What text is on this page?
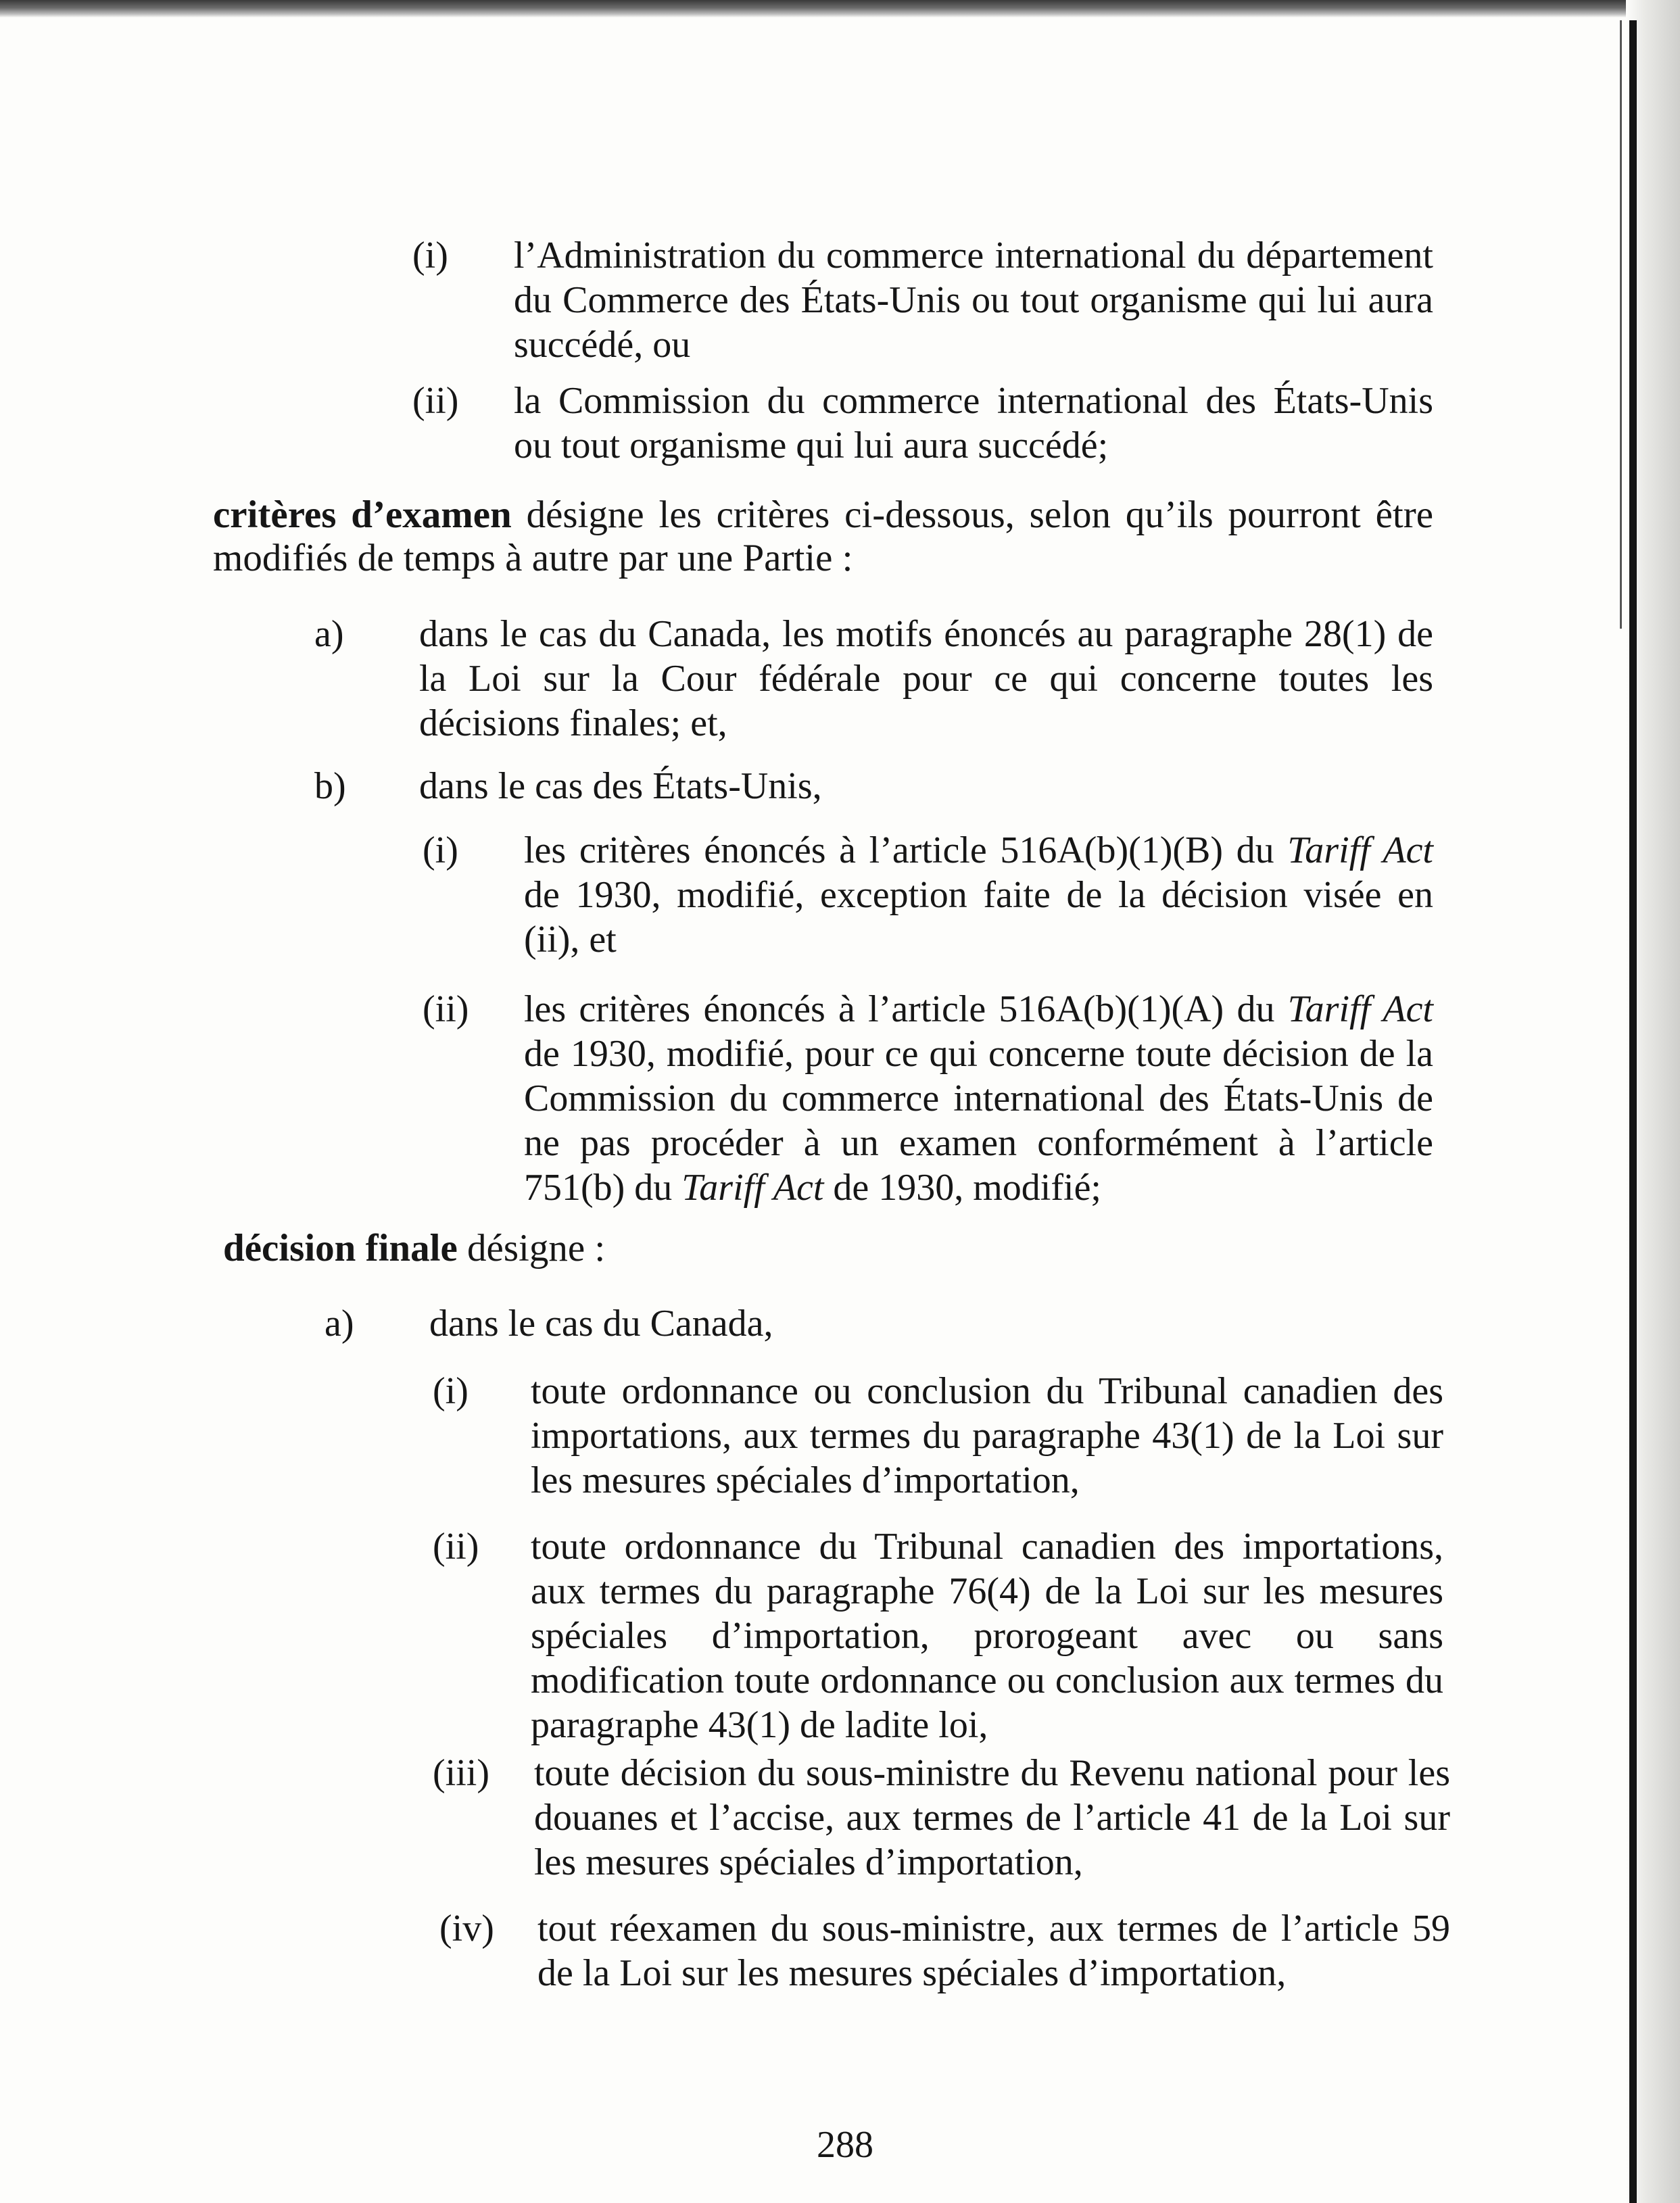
(i) l’Administration du commerce international du département du Commerce des États-Unis ou tout organisme qui lui aura succédé, ou
(ii) la Commission du commerce international des États-Unis ou tout organisme qui lui aura succédé;

critères d’examen désigne les critères ci-dessous, selon qu’ils pourront être modifiés de temps à autre par une Partie :

a) dans le cas du Canada, les motifs énoncés au paragraphe 28(1) de la Loi sur la Cour fédérale pour ce qui concerne toutes les décisions finales; et,
b) dans le cas des États-Unis,
(i) les critères énoncés à l’article 516A(b)(1)(B) du Tariff Act de 1930, modifié, exception faite de la décision visée en (ii), et
(ii) les critères énoncés à l’article 516A(b)(1)(A) du Tariff Act de 1930, modifié, pour ce qui concerne toute décision de la Commission du commerce international des États-Unis de ne pas procéder à un examen conformément à l’article 751(b) du Tariff Act de 1930, modifié;

décision finale désigne :

a) dans le cas du Canada,
(i) toute ordonnance ou conclusion du Tribunal canadien des importations, aux termes du paragraphe 43(1) de la Loi sur les mesures spéciales d’importation,
(ii) toute ordonnance du Tribunal canadien des importations, aux termes du paragraphe 76(4) de la Loi sur les mesures spéciales d’importation, prorogeant avec ou sans modification toute ordonnance ou conclusion aux termes du paragraphe 43(1) de ladite loi,
(iii) toute décision du sous-ministre du Revenu national pour les douanes et l’accise, aux termes de l’article 41 de la Loi sur les mesures spéciales d’importation,
(iv) tout réexamen du sous-ministre, aux termes de l’article 59 de la Loi sur les mesures spéciales d’importation,
288
